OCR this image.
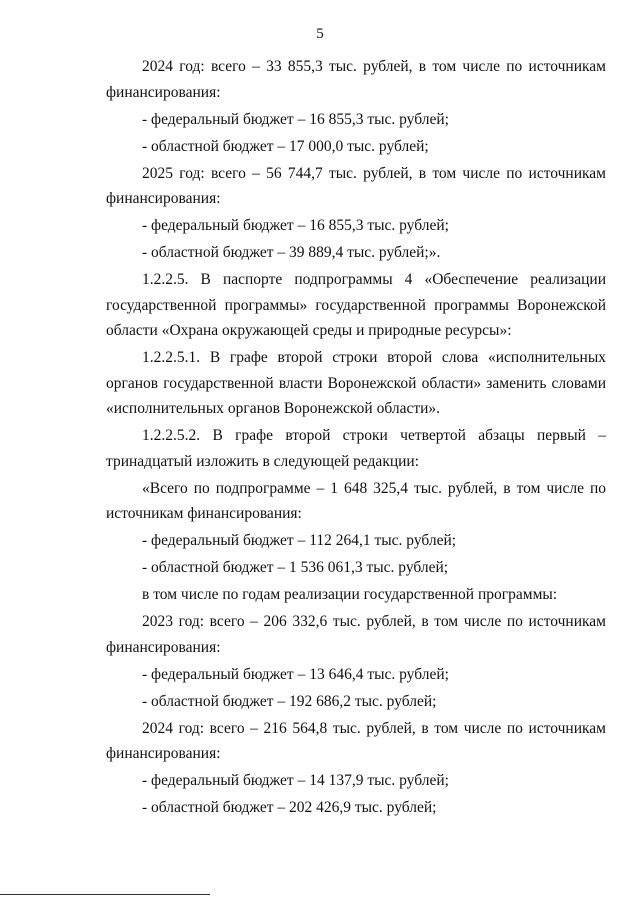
5

2024 год: всего – 33 855,3 тыс. рублей, в том числе по источникам финансирования:

- федеральный бюджет – 16 855,3 тыс. рублей;

- областной бюджет – 17 000,0 тыс. рублей;

2025 год: всего – 56 744,7 тыс. рублей, в том числе по источникам финансирования:

- федеральный бюджет – 16 855,3 тыс. рублей;

- областной бюджет – 39 889,4 тыс. рублей;».

1.2.2.5. В паспорте подпрограммы 4 «Обеспечение реализации государственной программы» государственной программы Воронежской области «Охрана окружающей среды и природные ресурсы»:

1.2.2.5.1. В графе второй строки второй слова «исполнительных органов государственной власти Воронежской области» заменить словами «исполнительных органов Воронежской области».

1.2.2.5.2. В графе второй строки четвертой абзацы первый – тринадцатый изложить в следующей редакции:

«Всего по подпрограмме – 1 648 325,4 тыс. рублей, в том числе по источникам финансирования:

- федеральный бюджет – 112 264,1 тыс. рублей;

- областной бюджет – 1 536 061,3 тыс. рублей;

в том числе по годам реализации государственной программы:

2023 год: всего – 206 332,6 тыс. рублей, в том числе по источникам финансирования:

- федеральный бюджет – 13 646,4 тыс. рублей;

- областной бюджет – 192 686,2 тыс. рублей;

2024 год: всего – 216 564,8 тыс. рублей, в том числе по источникам финансирования:

- федеральный бюджет – 14 137,9 тыс. рублей;

- областной бюджет – 202 426,9 тыс. рублей;
